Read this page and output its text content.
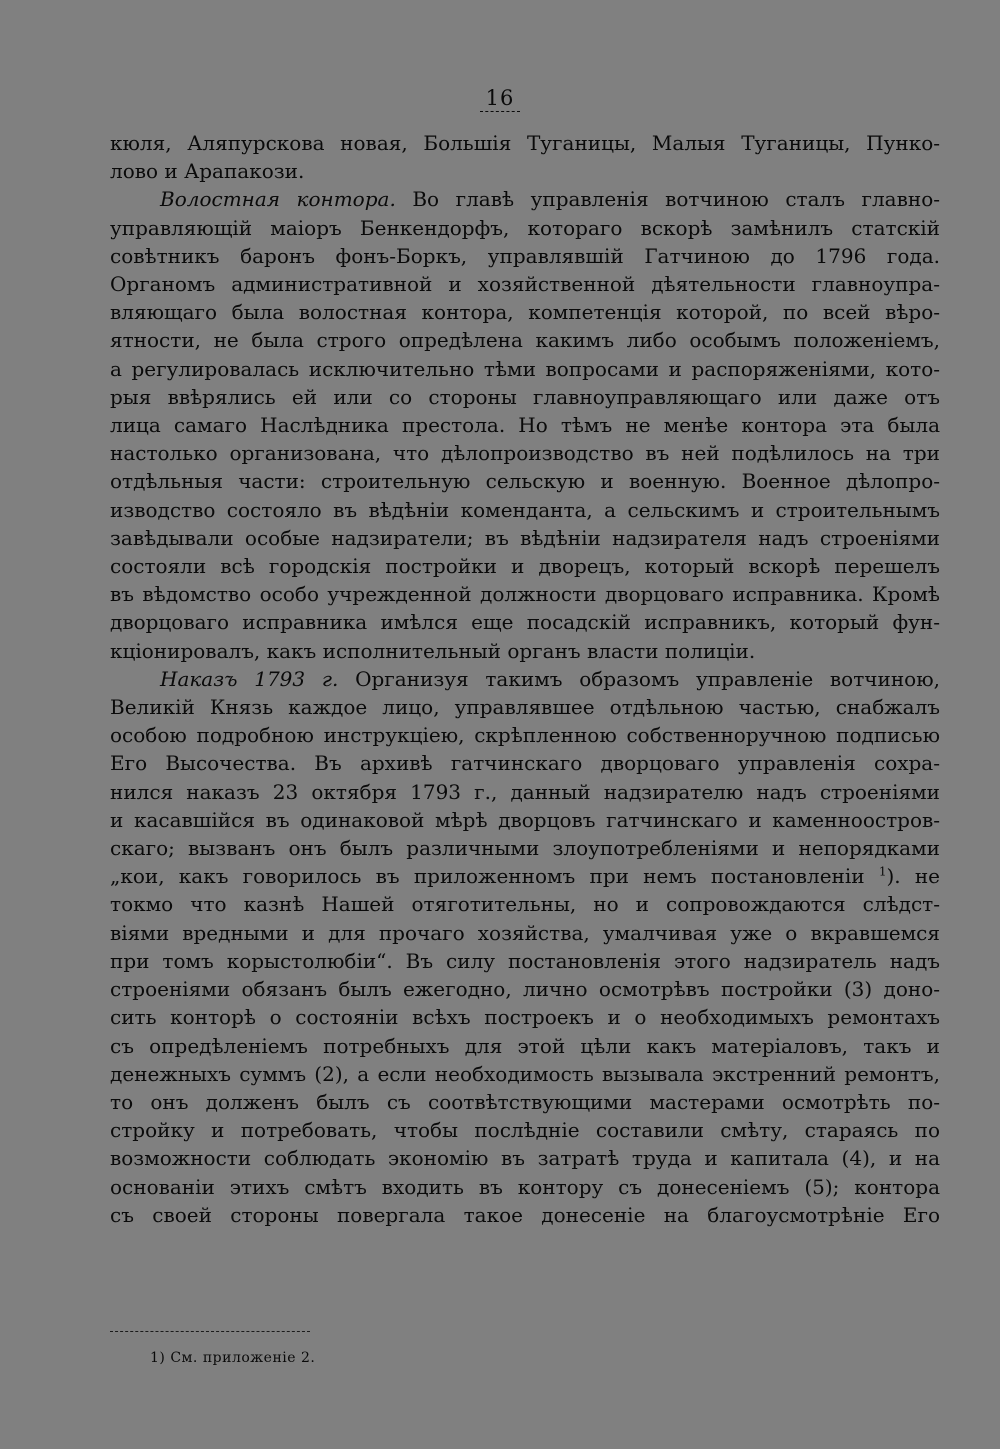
16
кюля, Аляпурскова новая, Большiя Туганицы, Малыя Туганицы, Пунко-
лово и Арапакози.
Волостная контора. Во главѣ управленiя вотчиною сталъ главно-
управляющiй маiоръ Бенкендорфъ, котораго вскорѣ замѣнилъ статскiй
совѣтникъ баронъ фонъ-Боркъ, управлявшiй Гатчиною до 1796 года.
Органомъ административной и хозяйственной дѣятельности главноупра-
вляющаго была волостная контора, компетенцiя которой, по всей вѣро-
ятности, не была строго опредѣлена какимъ либо особымъ положенiемъ,
а регулировалась исключительно тѣми вопросами и распоряженiями, кото-
рыя ввѣрялись ей или со стороны главноуправляющаго или даже отъ
лица самаго Наслѣдника престола. Но тѣмъ не менѣе контора эта была
настолько организована, что дѣлопроизводство въ ней подѣлилось на три
отдѣльныя части: строительную сельскую и военную. Военное дѣлопро-
изводство состояло въ вѣдѣнiи коменданта, а сельскимъ и строительнымъ
завѣдывали особые надзиратели; въ вѣдѣнiи надзирателя надъ строенiями
состояли всѣ городскiя постройки и дворецъ, который вскорѣ перешелъ
въ вѣдомство особо учрежденной должности дворцоваго исправника. Кромѣ
дворцоваго исправника имѣлся еще посадскiй исправникъ, который фун-
кцiонировалъ, какъ исполнительный органъ власти полицiи.
Наказъ 1793 г. Организуя такимъ образомъ управленiе вотчиною,
Великiй Князь каждое лицо, управлявшее отдѣльною частью, снабжалъ
особою подробною инструкцiею, скрѣпленною собственноручною подписью
Его Высочества. Въ архивѣ гатчинскаго дворцоваго управленiя сохра-
нился наказъ 23 октября 1793 г., данный надзирателю надъ строенiями
и касавшiйся въ одинаковой мѣрѣ дворцовъ гатчинскаго и каменноостров-
скаго; вызванъ онъ былъ различными злоупотребленiями и непорядками
„кои, какъ говорилось въ приложенномъ при немъ постановленiи $^1$). не
токмо что казнѣ Нашей отяготительны, но и сопровождаются слѣдст-
вiями вредными и для прочаго хозяйства, умалчивая уже о вкравшемся
при томъ корыстолюбiи“. Въ силу постановленiя этого надзиратель надъ
строенiями обязанъ былъ ежегодно, лично осмотрѣвъ постройки (3) доно-
сить конторѣ о состоянiи всѣхъ построекъ и о необходимыхъ ремонтахъ
съ опредѣленiемъ потребныхъ для этой цѣли какъ матерiаловъ, такъ и
денежныхъ суммъ (2), а если необходимость вызывала экстренний ремонтъ,
то онъ долженъ былъ съ соотвѣтствующими мастерами осмотрѣть по-
стройку и потребовать, чтобы послѣднiе составили смѣту, стараясь по
возможности соблюдать экономiю въ затратѣ труда и капитала (4), и на
основанiи этихъ смѣтъ входить въ контору съ донесенiемъ (5); контора
съ своей стороны повергала такое донесенiе на благоусмотрѣнiе Его
1) См. приложенiе 2.
